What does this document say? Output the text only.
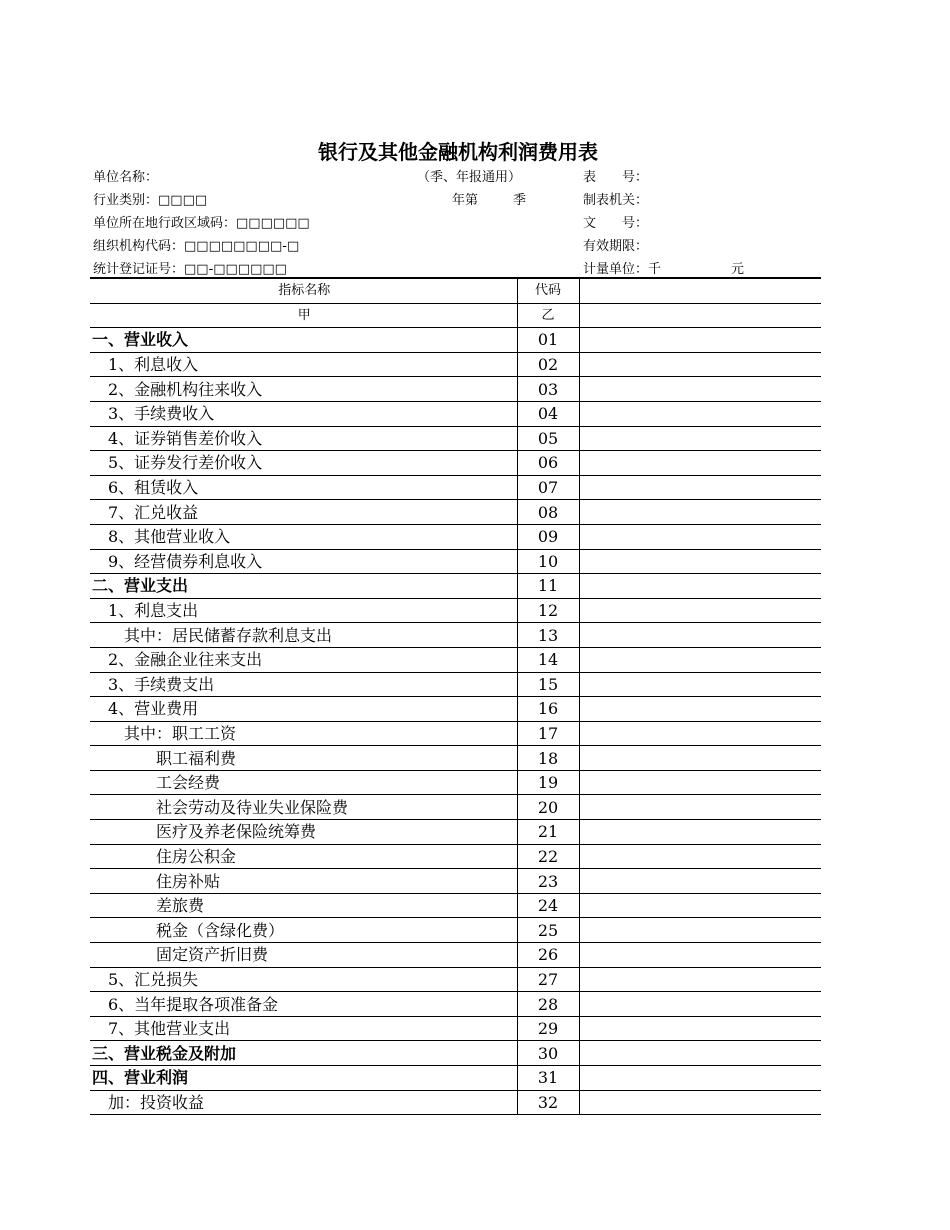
银行及其他金融机构利润费用表
单位名称：
行业类别：□□□□
单位所在地行政区域码：□□□□□□
组织机构代码：□□□□□□□□-□
统计登记证号：□□-□□□□□□
（季、年报通用）
年第	季
表　　号：
制表机关：
文　　号：
有效期限：
计量单位：千	元
指标名称	代码	
甲	乙	
一、营业收入	01	
1、利息收入	02	
2、金融机构往来收入	03	
3、手续费收入	04	
4、证券销售差价收入	05	
5、证券发行差价收入	06	
6、租赁收入	07	
7、汇兑收益	08	
8、其他营业收入	09	
9、经营债券利息收入	10	
二、营业支出	11	
1、利息支出	12	
其中：居民储蓄存款利息支出	13	
2、金融企业往来支出	14	
3、手续费支出	15	
4、营业费用	16	
其中：职工工资	17	
职工福利费	18	
工会经费	19	
社会劳动及待业失业保险费	20	
医疗及养老保险统筹费	21	
住房公积金	22	
住房补贴	23	
差旅费	24	
税金（含绿化费）	25	
固定资产折旧费	26	
5、汇兑损失	27	
6、当年提取各项准备金	28	
7、其他营业支出	29	
三、营业税金及附加	30	
四、营业利润	31	
加：投资收益	32	
